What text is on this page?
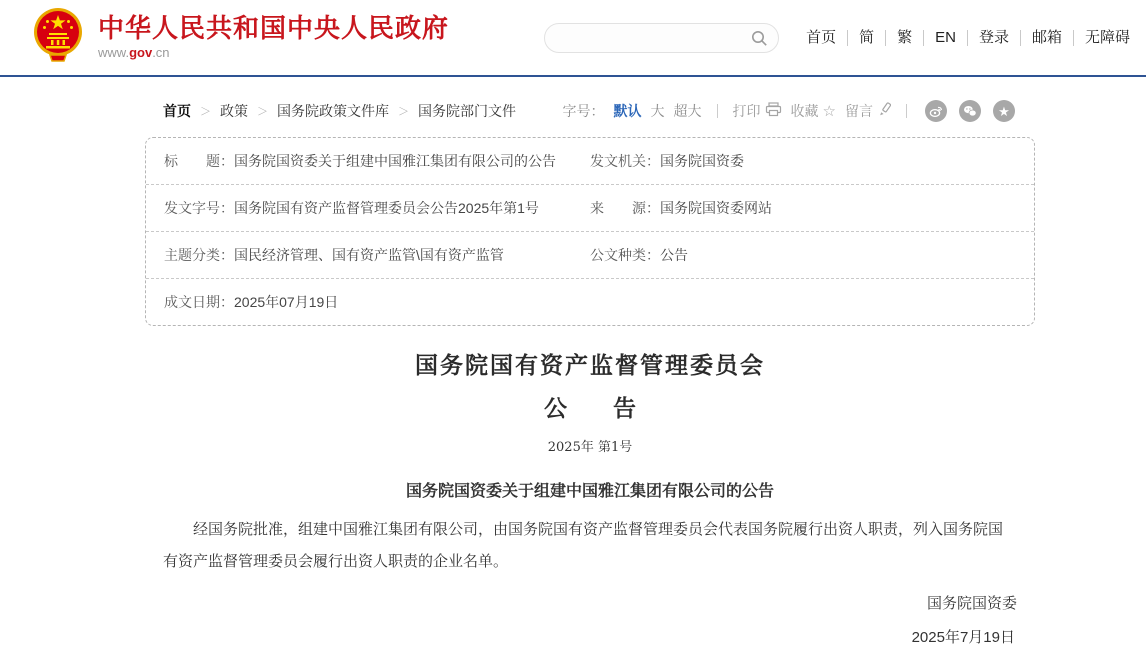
中华人民共和国中央人民政府
www.gov.cn
首页	简	繁	EN	登录	邮箱	无障碍
首页 ＞ 政策 ＞ 国务院政策文件库 ＞ 国务院部门文件	字号： 默认 大 超大 打印 收藏 ☆ 留言	★
标　　题： 国务院国资委关于组建中国雅江集团有限公司的公告 发文机关： 国务院国资委
发文字号： 国务院国有资产监督管理委员会公告2025年第1号	来　　源： 国务院国资委网站
主题分类： 国民经济管理、国有资产监管\国有资产监管	公文种类： 公告
成文日期： 2025年07月19日
国务院国有资产监督管理委员会
公　　告
2025年 第1号
国务院国资委关于组建中国雅江集团有限公司的公告

经国务院批准，组建中国雅江集团有限公司，由国务院国有资产监督管理委员会代表国务院履行出资人职责，列入国务院国有资产监督管理委员会履行出资人职责的企业名单。

国务院国资委
2025年7月19日
